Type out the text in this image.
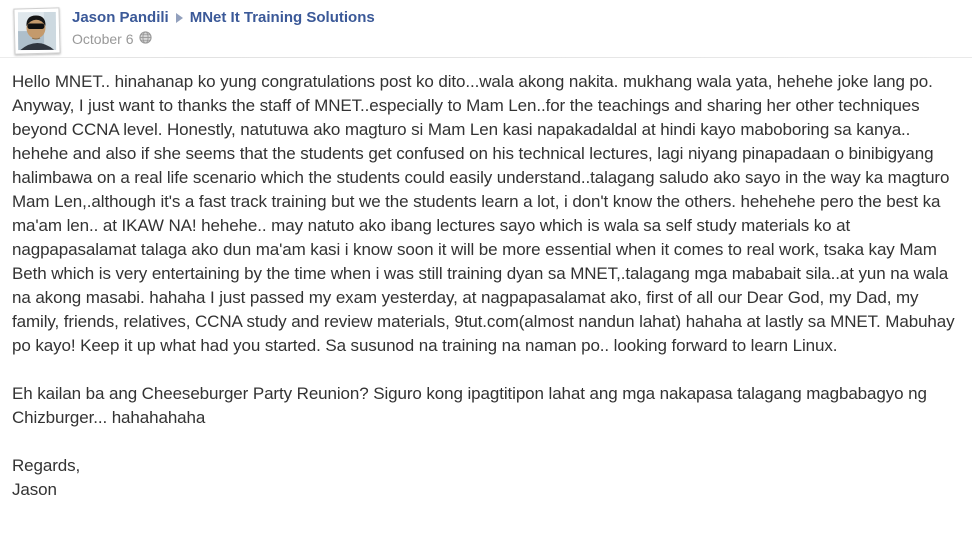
Jason Pandili MNet It Training Solutions
October 6

Hello MNET.. hinahanap ko yung congratulations post ko dito...wala akong nakita. mukhang wala yata, hehehe joke lang po. Anyway, I just want to thanks the staff of MNET..especially to Mam Len..for the teachings and sharing her other techniques beyond CCNA level. Honestly, natutuwa ako magturo si Mam Len kasi napakadaldal at hindi kayo maboboring sa kanya.. hehehe and also if she seems that the students get confused on his technical lectures, lagi niyang pinapadaan o binibigyang halimbawa on a real life scenario which the students could easily understand..talagang saludo ako sayo in the way ka magturo Mam Len,.although it's a fast track training but we the students learn a lot, i don't know the others. hehehehe pero the best ka ma'am len.. at IKAW NA! hehehe.. may natuto ako ibang lectures sayo which is wala sa self study materials ko at nagpapasalamat talaga ako dun ma'am kasi i know soon it will be more essential when it comes to real work, tsaka kay Mam Beth which is very entertaining by the time when i was still training dyan sa MNET,.talagang mga mababait sila..at yun na wala na akong masabi. hahaha I just passed my exam yesterday, at nagpapasalamat ako, first of all our Dear God, my Dad, my family, friends, relatives, CCNA study and review materials, 9tut.com(almost nandun lahat) hahaha at lastly sa MNET. Mabuhay po kayo! Keep it up what had you started. Sa susunod na training na naman po.. looking forward to learn Linux.

Eh kailan ba ang Cheeseburger Party Reunion? Siguro kong ipagtitipon lahat ang mga nakapasa talagang magbabagyo ng Chizburger... hahahahaha

Regards,

Jason
